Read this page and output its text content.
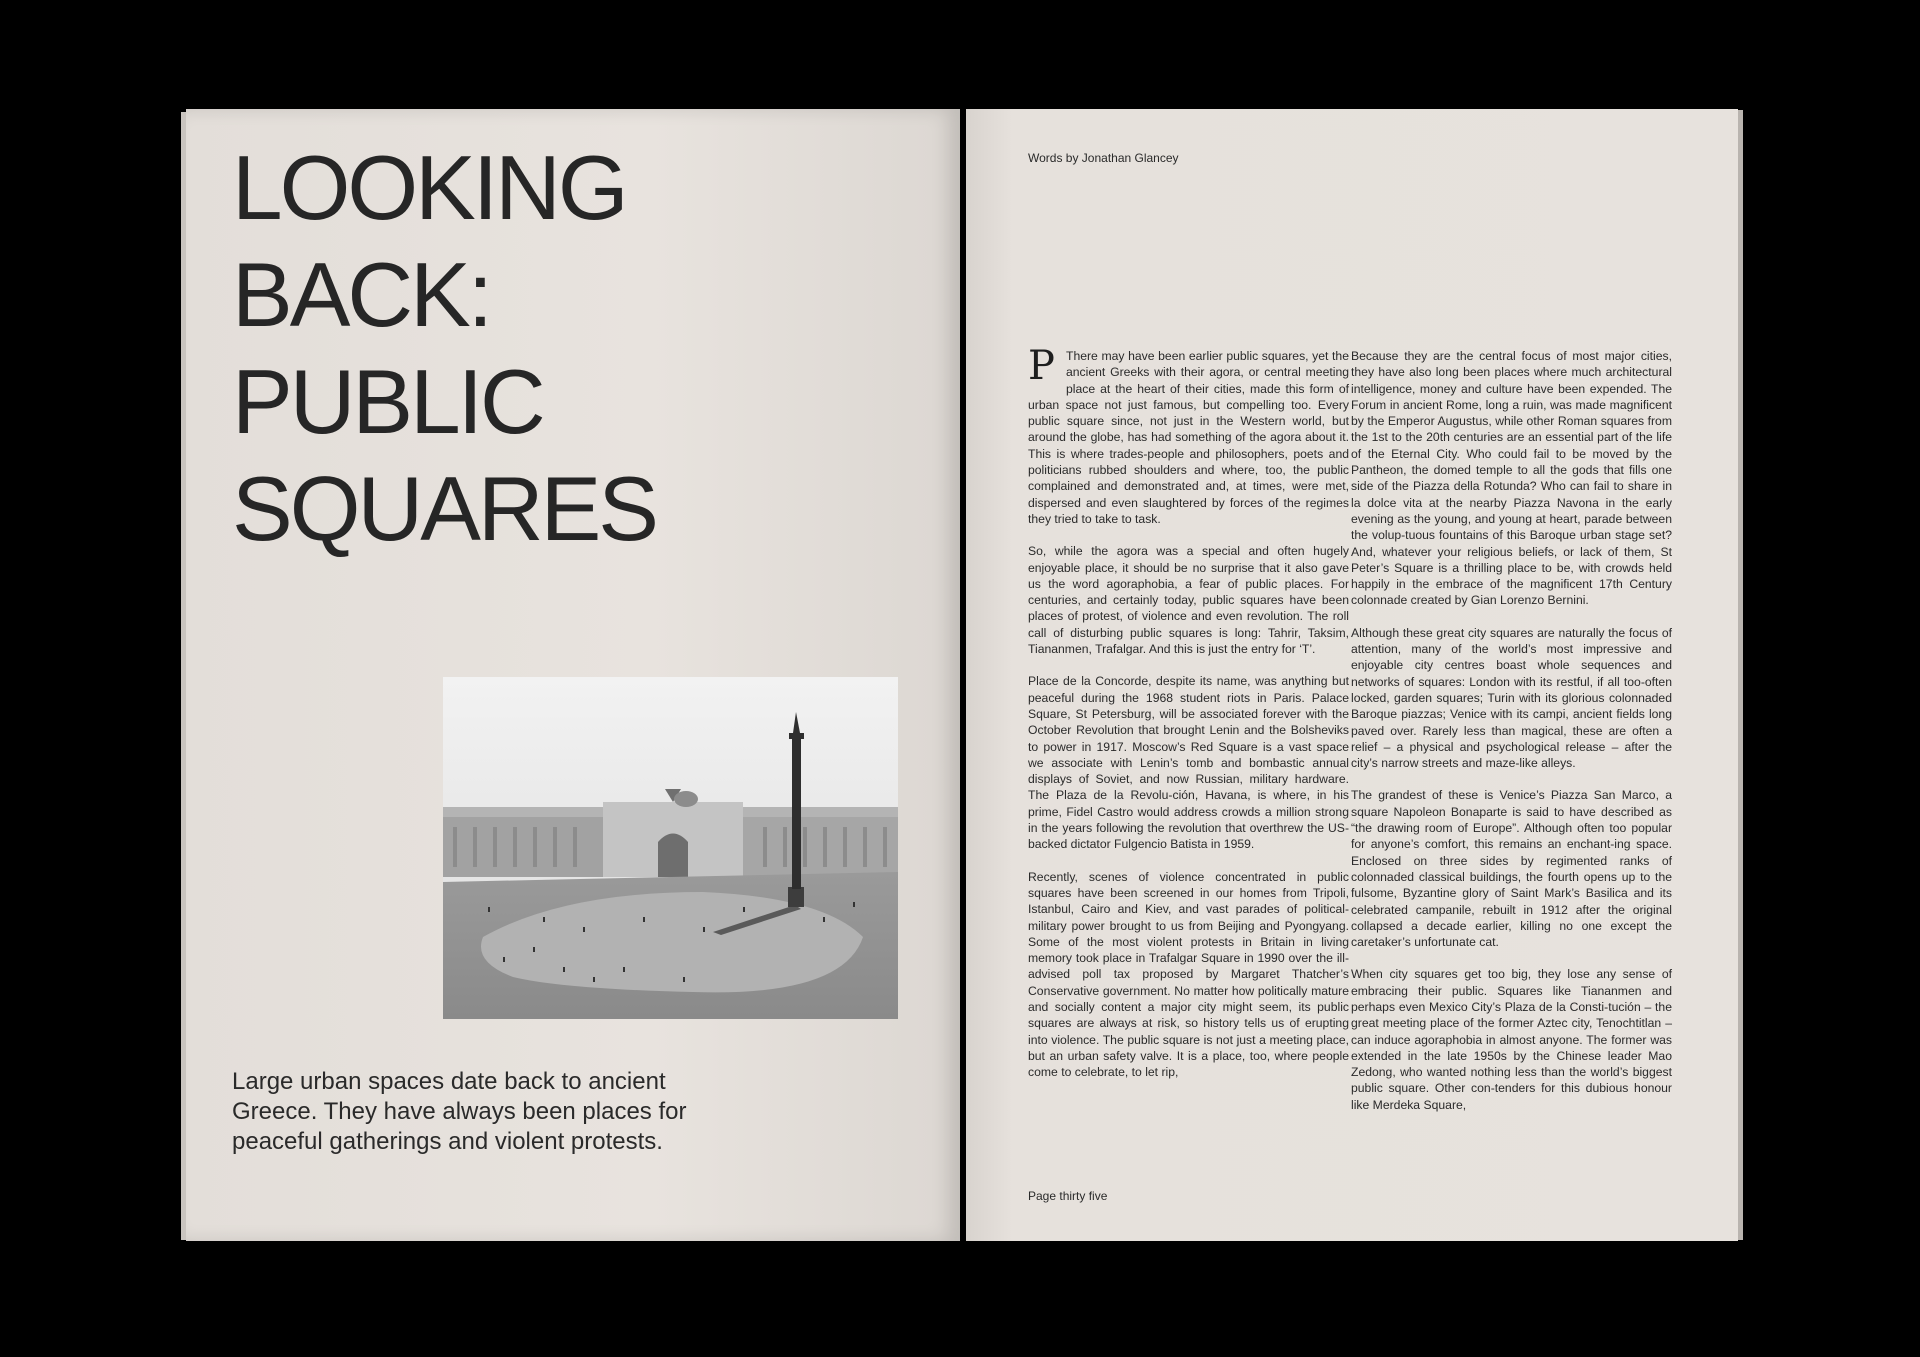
LOOKING
BACK:
PUBLIC
SQUARES

Large urban spaces date back to ancient Greece. They have always been places for peaceful gatherings and violent protests.

Words by Jonathan Glancey

P There may have been earlier public squares, yet the ancient Greeks with their agora, or central meeting place at the heart of their cities, made this form of urban space not just famous, but compelling too. Every public square since, not just in the Western world, but around the globe, has had something of the agora about it. This is where trades-people and philosophers, poets and politicians rubbed shoulders and where, too, the public complained and demonstrated and, at times, were met, dispersed and even slaughtered by forces of the regimes they tried to take to task.

So, while the agora was a special and often hugely enjoyable place, it should be no surprise that it also gave us the word agoraphobia, a fear of public places. For centuries, and certainly today, public squares have been places of protest, of violence and even revolution. The roll call of disturbing public squares is long: Tahrir, Taksim, Tiananmen, Trafalgar. And this is just the entry for ‘T’.

Place de la Concorde, despite its name, was anything but peaceful during the 1968 student riots in Paris. Palace Square, St Petersburg, will be associated forever with the October Revolution that brought Lenin and the Bolsheviks to power in 1917. Moscow’s Red Square is a vast space we associate with Lenin’s tomb and bombastic annual displays of Soviet, and now Russian, military hardware. The Plaza de la Revolu-ción, Havana, is where, in his prime, Fidel Castro would address crowds a million strong in the years following the revolution that overthrew the US-backed dictator Fulgencio Batista in 1959.

Recently, scenes of violence concentrated in public squares have been screened in our homes from Tripoli, Istanbul, Cairo and Kiev, and vast parades of political-military power brought to us from Beijing and Pyongyang. Some of the most violent protests in Britain in living memory took place in Trafalgar Square in 1990 over the ill-advised poll tax proposed by Margaret Thatcher’s Conservative government. No matter how politically mature and socially content a major city might seem, its public squares are always at risk, so history tells us of erupting into violence. The public square is not just a meeting place, but an urban safety valve. It is a place, too, where people come to celebrate, to let rip,

Because they are the central focus of most major cities, they have also long been places where much architectural intelligence, money and culture have been expended. The Forum in ancient Rome, long a ruin, was made magnificent by the Emperor Augustus, while other Roman squares from the 1st to the 20th centuries are an essential part of the life of the Eternal City. Who could fail to be moved by the Pantheon, the domed temple to all the gods that fills one side of the Piazza della Rotunda? Who can fail to share in la dolce vita at the nearby Piazza Navona in the early evening as the young, and young at heart, parade between the volup-tuous fountains of this Baroque urban stage set? And, whatever your religious beliefs, or lack of them, St Peter’s Square is a thrilling place to be, with crowds held happily in the embrace of the magnificent 17th Century colonnade created by Gian Lorenzo Bernini.

Although these great city squares are naturally the focus of attention, many of the world’s most impressive and enjoyable city centres boast whole sequences and networks of squares: London with its restful, if all too-often locked, garden squares; Turin with its glorious colonnaded Baroque piazzas; Venice with its campi, ancient fields long paved over. Rarely less than magical, these are often a relief – a physical and psychological release – after the city’s narrow streets and maze-like alleys.

The grandest of these is Venice’s Piazza San Marco, a square Napoleon Bonaparte is said to have described as “the drawing room of Europe”. Although often too popular for anyone’s comfort, this remains an enchant-ing space. Enclosed on three sides by regimented ranks of colonnaded classical buildings, the fourth opens up to the fulsome, Byzantine glory of Saint Mark’s Basilica and its celebrated campanile, rebuilt in 1912 after the original collapsed a decade earlier, killing no one except the caretaker’s unfortunate cat.

When city squares get too big, they lose any sense of embracing their public. Squares like Tiananmen and perhaps even Mexico City’s Plaza de la Consti-tución – the great meeting place of the former Aztec city, Tenochtitlan – can induce agoraphobia in almost anyone. The former was extended in the late 1950s by the Chinese leader Mao Zedong, who wanted nothing less than the world’s biggest public square. Other con-tenders for this dubious honour like Merdeka Square,

Page thirty five
